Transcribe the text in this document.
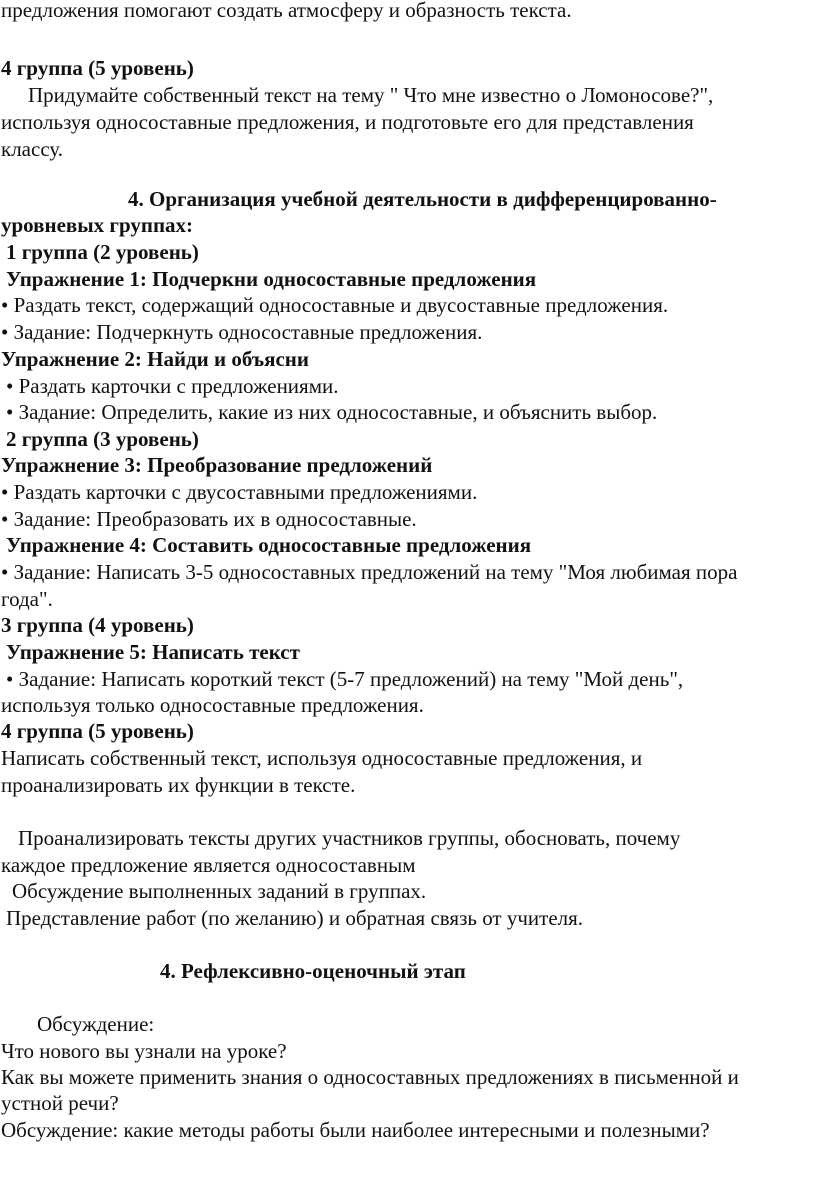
предложения помогают создать атмосферу и образность текста.
4 группа (5 уровень)
Придумайте собственный текст на тему " Что мне известно о Ломоносове?",
используя односоставные предложения, и подготовьте его для представления
классу.
4. Организация учебной деятельности в дифференцированно-
уровневых группах:
1 группа (2 уровень)
Упражнение 1: Подчеркни односоставные предложения
• Раздать текст, содержащий односоставные и двусоставные предложения.
• Задание: Подчеркнуть односоставные предложения.
Упражнение 2: Найди и объясни
• Раздать карточки с предложениями.
• Задание: Определить, какие из них односоставные, и объяснить выбор.
2 группа (3 уровень)
Упражнение 3: Преобразование предложений
• Раздать карточки с двусоставными предложениями.
• Задание: Преобразовать их в односоставные.
Упражнение 4: Составить односоставные предложения
• Задание: Написать 3-5 односоставных предложений на тему "Моя любимая пора
года".
3 группа (4 уровень)
Упражнение 5: Написать текст
• Задание: Написать короткий текст (5-7 предложений) на тему "Мой день",
используя только односоставные предложения.
4 группа (5 уровень)
Написать собственный текст, используя односоставные предложения, и
проанализировать их функции в тексте.
Проанализировать тексты других участников группы, обосновать, почему
каждое предложение является односоставным
Обсуждение выполненных заданий в группах.
Представление работ (по желанию) и обратная связь от учителя.
4. Рефлексивно-оценочный этап
Обсуждение:
Что нового вы узнали на уроке?
Как вы можете применить знания о односоставных предложениях в письменной и
устной речи?
Обсуждение: какие методы работы были наиболее интересными и полезными?
